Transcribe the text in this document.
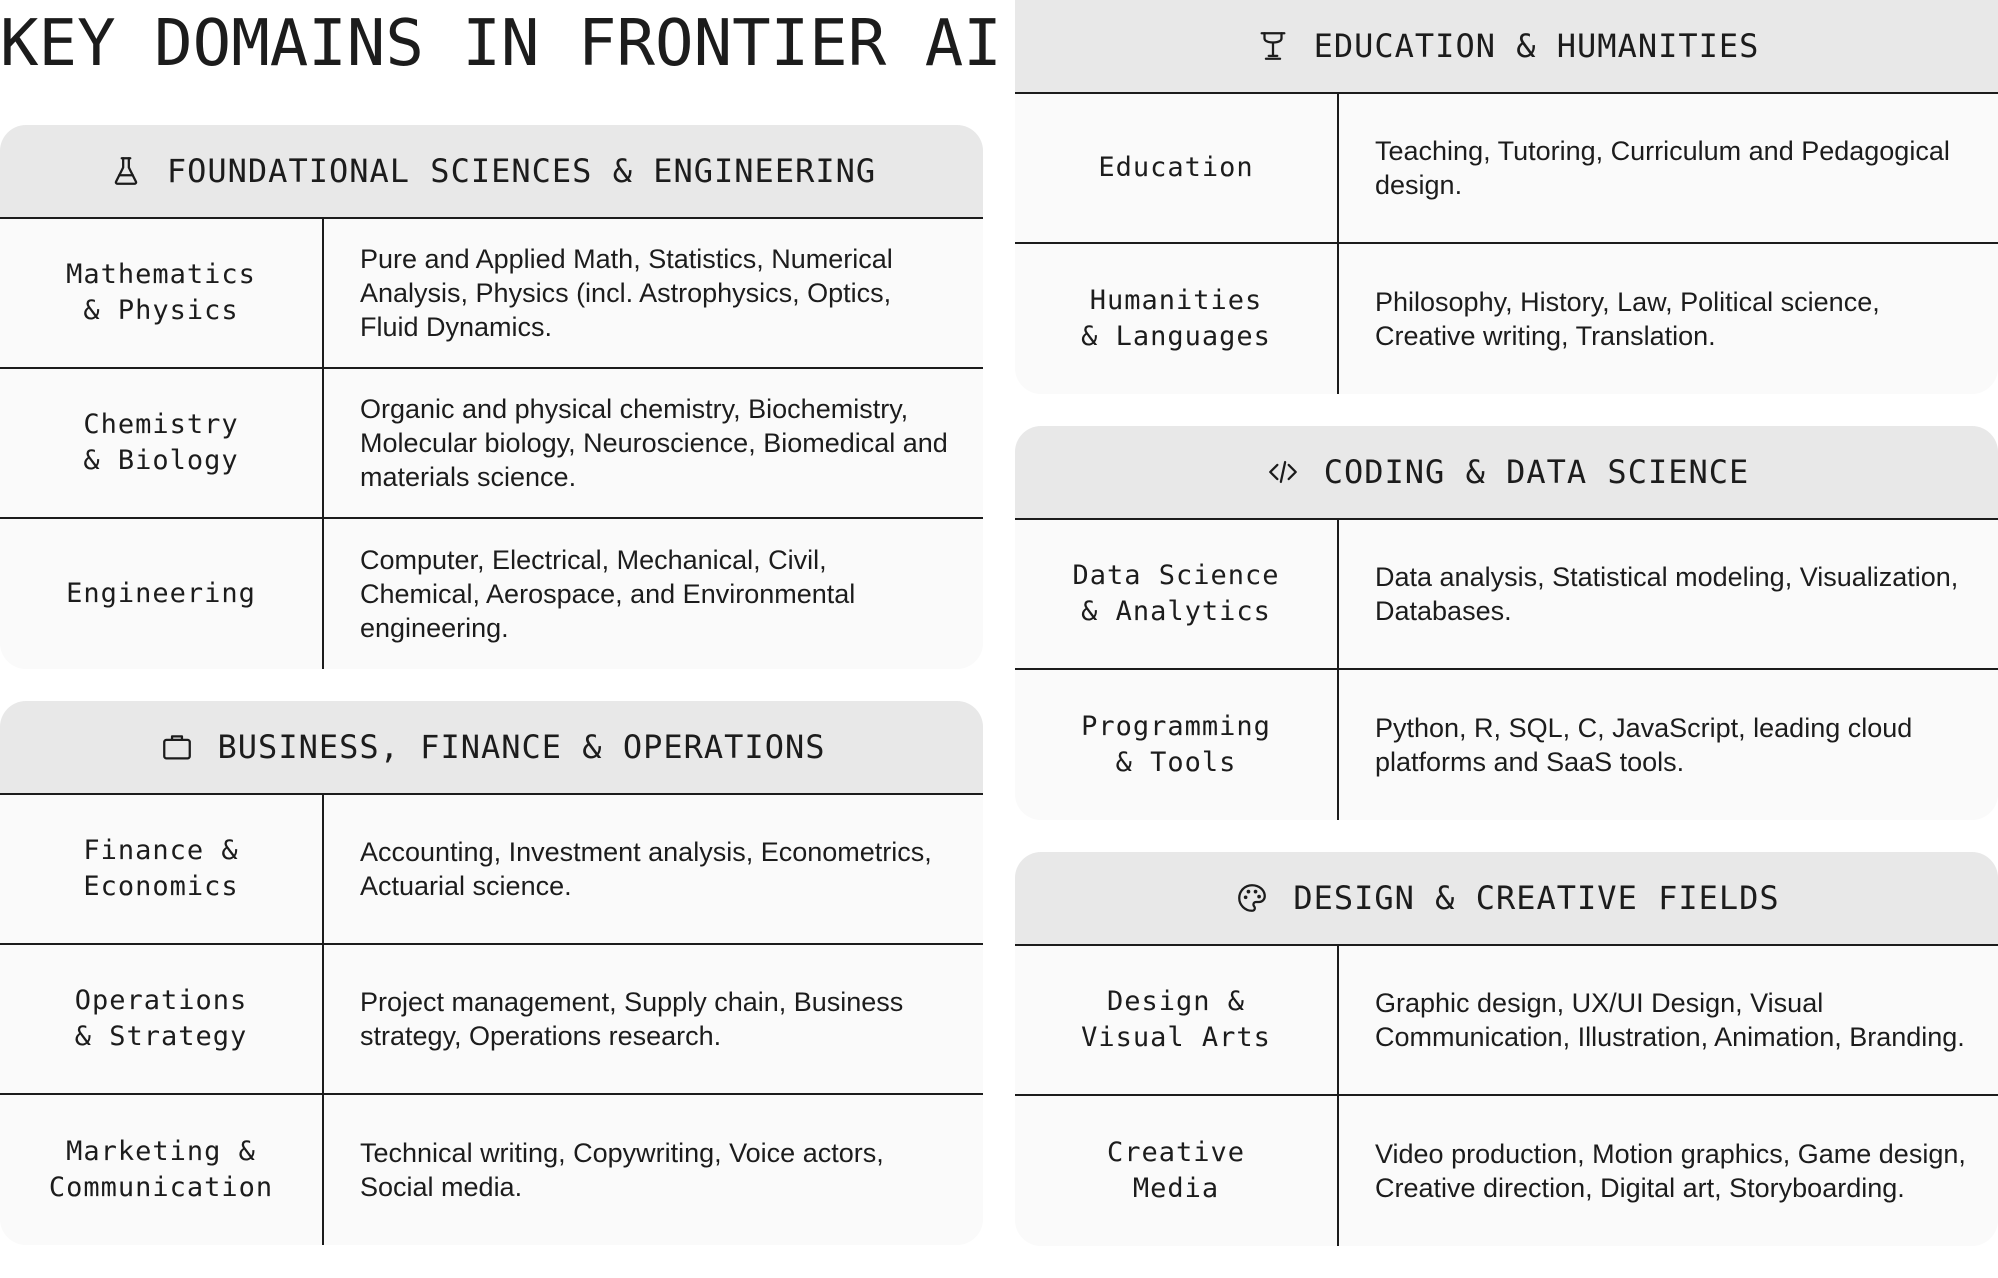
KEY DOMAINS IN FRONTIER AI
FOUNDATIONAL SCIENCES & ENGINEERING
Mathematics
& Physics
Pure and Applied Math, Statistics, Numerical Analysis, Physics (incl. Astrophysics, Optics, Fluid Dynamics.
Chemistry
& Biology
Organic and physical chemistry, Biochemistry, Molecular biology, Neuroscience, Biomedical and materials science.
Engineering
Computer, Electrical, Mechanical, Civil, Chemical, Aerospace, and Environmental engineering.
BUSINESS, FINANCE & OPERATIONS
Finance &
Economics
Accounting, Investment analysis, Econometrics, Actuarial science.
Operations
& Strategy
Project management, Supply chain, Business strategy, Operations research.
Marketing &
Communication
Technical writing, Copywriting, Voice actors, Social media.
EDUCATION & HUMANITIES
Education
Teaching, Tutoring, Curriculum and Pedagogical design.
Humanities
& Languages
Philosophy, History, Law, Political science, Creative writing, Translation.
CODING & DATA SCIENCE
Data Science
& Analytics
Data analysis, Statistical modeling, Visualization, Databases.
Programming
& Tools
Python, R, SQL, C, JavaScript, leading cloud platforms and SaaS tools.
DESIGN & CREATIVE FIELDS
Design &
Visual Arts
Graphic design, UX/UI Design, Visual Communication, Illustration, Animation, Branding.
Creative
Media
Video production, Motion graphics, Game design, Creative direction, Digital art, Storyboarding.
